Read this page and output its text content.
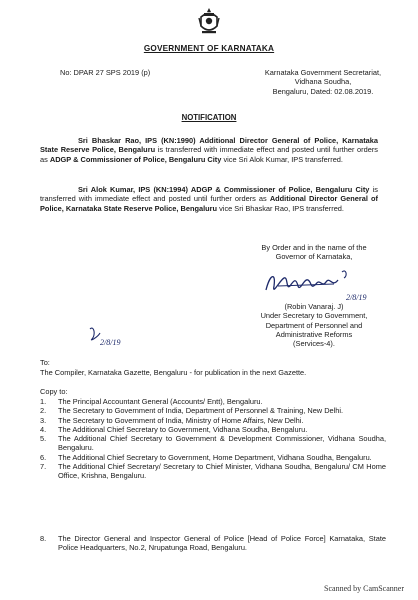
GOVERNMENT OF KARNATAKA
No: DPAR 27 SPS 2019 (p)	Karnataka Government Secretariat,
Vidhana Soudha,
Bengaluru, Dated: 02.08.2019.
NOTIFICATION
Sri Bhaskar Rao, IPS (KN:1990) Additional Director General of Police, Karnataka State Reserve Police, Bengaluru is transferred with immediate effect and posted until further orders as ADGP & Commissioner of Police, Bengaluru City vice Sri Alok Kumar, IPS transferred.
Sri Alok Kumar, IPS (KN:1994) ADGP & Commissioner of Police, Bengaluru City is transferred with immediate effect and posted until further orders as Additional Director General of Police, Karnataka State Reserve Police, Bengaluru vice Sri Bhaskar Rao, IPS transferred.
By Order and in the name of the
Governor of Karnataka,
2/8/19
(Robin Vanaraj. J)
Under Secretary to Government,
Department of Personnel and
Administrative Reforms
(Services-4).
2/8/19
To:
The Compiler, Karnataka Gazette, Bengaluru - for publication in the next Gazette.
Copy to:
1.	The Principal Accountant General (Accounts/ Entt), Bengaluru.
2.	The Secretary to Government of India, Department of Personnel & Training, New Delhi.
3.	The Secretary to Government of India, Ministry of Home Affairs, New Delhi.
4.	The Additional Chief Secretary to Government, Vidhana Soudha, Bengaluru.
5.	The Additional Chief Secretary to Government & Development Commissioner, Vidhana Soudha, Bengaluru.
6.	The Additional Chief Secretary to Government, Home Department, Vidhana Soudha, Bengaluru.
7.	The Additional Chief Secretary/ Secretary to Chief Minister, Vidhana Soudha, Bengaluru/ CM Home Office, Krishna, Bengaluru.
8.	The Director General and Inspector General of Police [Head of Police Force] Karnataka, State Police Headquarters, No.2, Nrupatunga Road, Bengaluru.
Scanned by CamScanner
